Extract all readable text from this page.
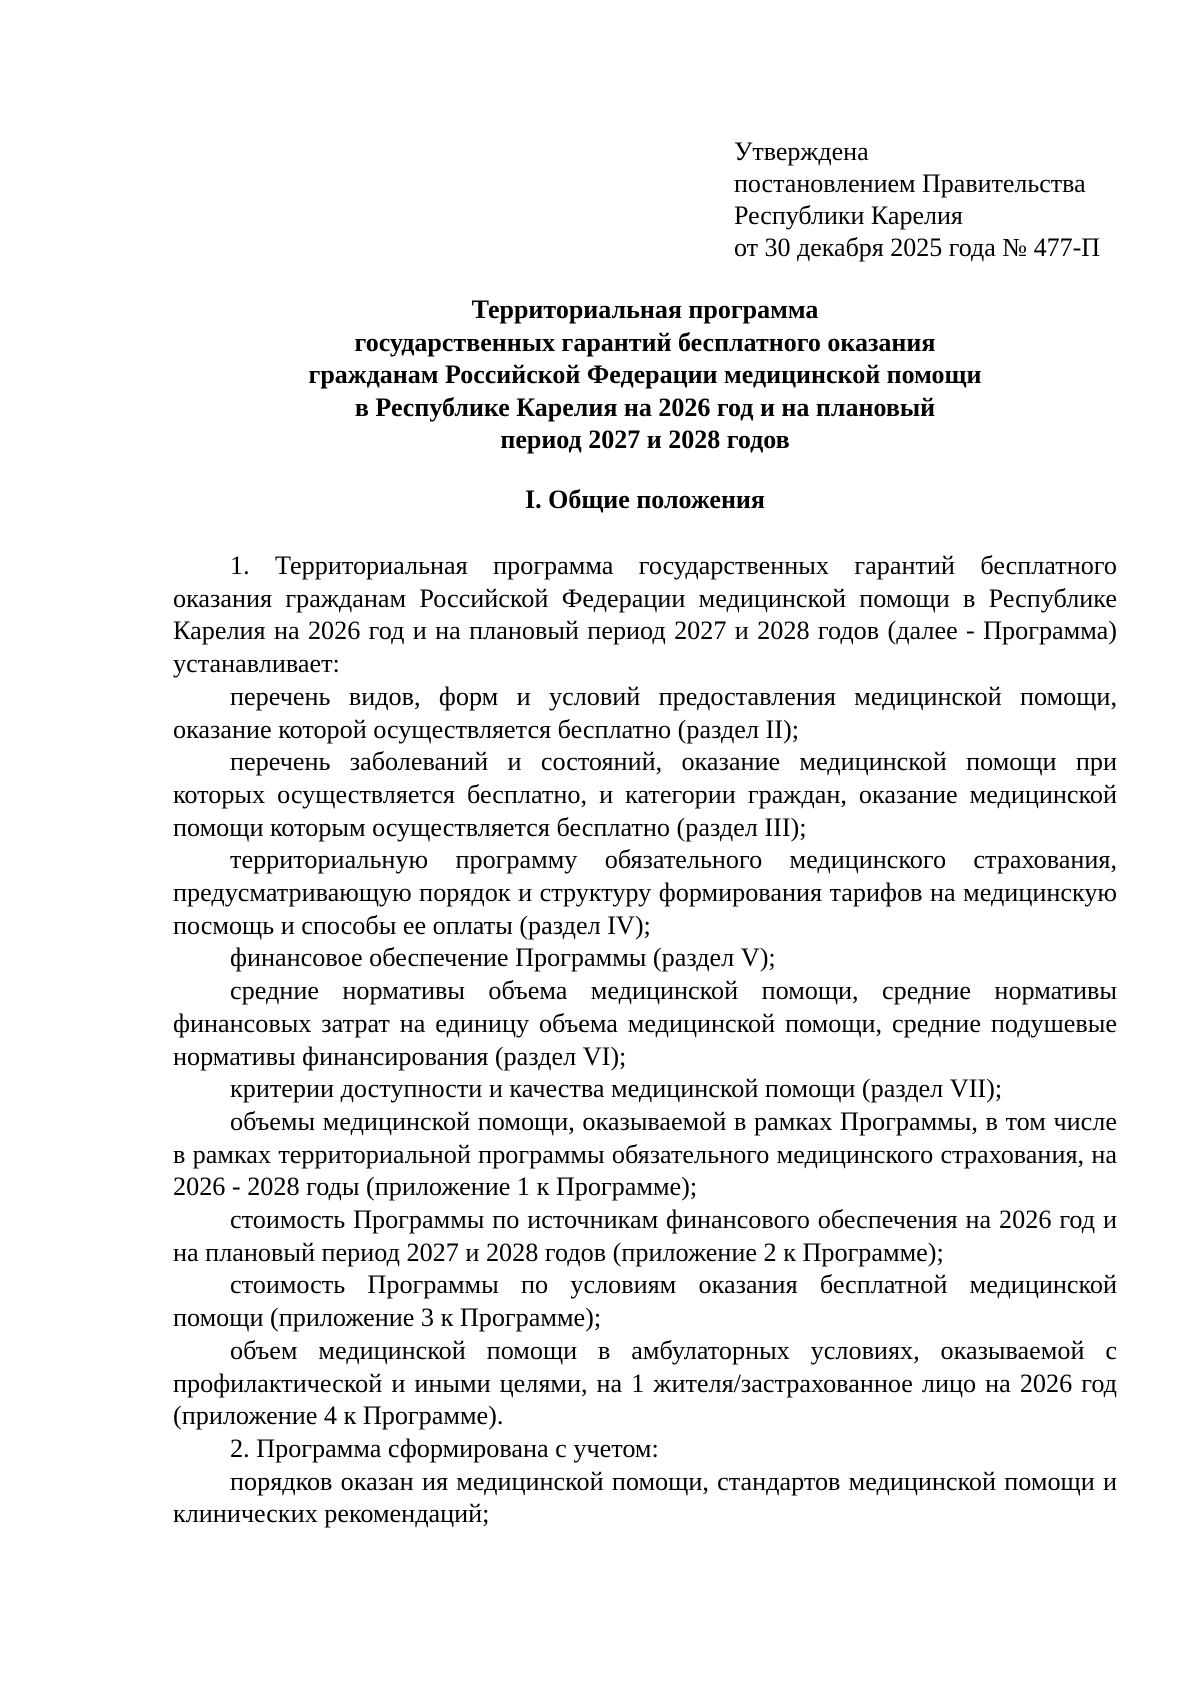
Утверждена
постановлением Правительства
Республики Карелия
от 30 декабря 2025 года № 477-П
Территориальная программа
государственных гарантий бесплатного оказания
гражданам Российской Федерации медицинской помощи
в Республике Карелия на 2026 год и на плановый
период 2027 и 2028 годов
I. Общие положения

1. Территориальная программа государственных гарантий бесплатного оказания гражданам Российской Федерации медицинской помощи в Республике Карелия на 2026 год и на плановый период 2027 и 2028 годов (далее - Программа) устанавливает:

перечень видов, форм и условий предоставления медицинской помощи, оказание которой осуществляется бесплатно (раздел II);

перечень заболеваний и состояний, оказание медицинской помощи при которых осуществляется бесплатно, и категории граждан, оказание медицинской помощи которым осуществляется бесплатно (раздел III);

территориальную программу обязательного медицинского страхования, предусматривающую порядок и структуру формирования тарифов на медицинскую посмощь и способы ее оплаты (раздел IV);

финансовое обеспечение Программы (раздел V);

средние нормативы объема медицинской помощи, средние нормативы финансовых затрат на единицу объема медицинской помощи, средние подушевые нормативы финансирования (раздел VI);

критерии доступности и качества медицинской помощи (раздел VII);

объемы медицинской помощи, оказываемой в рамках Программы, в том числе в рамках территориальной программы обязательного медицинского страхования, на 2026 - 2028 годы (приложение 1 к Программе);

стоимость Программы по источникам финансового обеспечения на 2026 год и на плановый период 2027 и 2028 годов (приложение 2 к Программе);

стоимость Программы по условиям оказания бесплатной медицинской помощи (приложение 3 к Программе);

объем медицинской помощи в амбулаторных условиях, оказываемой с профилактической и иными целями, на 1 жителя/застрахованное лицо на 2026 год (приложение 4 к Программе).

2. Программа сформирована с учетом:

порядков оказан ия медицинской помощи, стандартов медицинской помощи и клинических рекомендаций;
